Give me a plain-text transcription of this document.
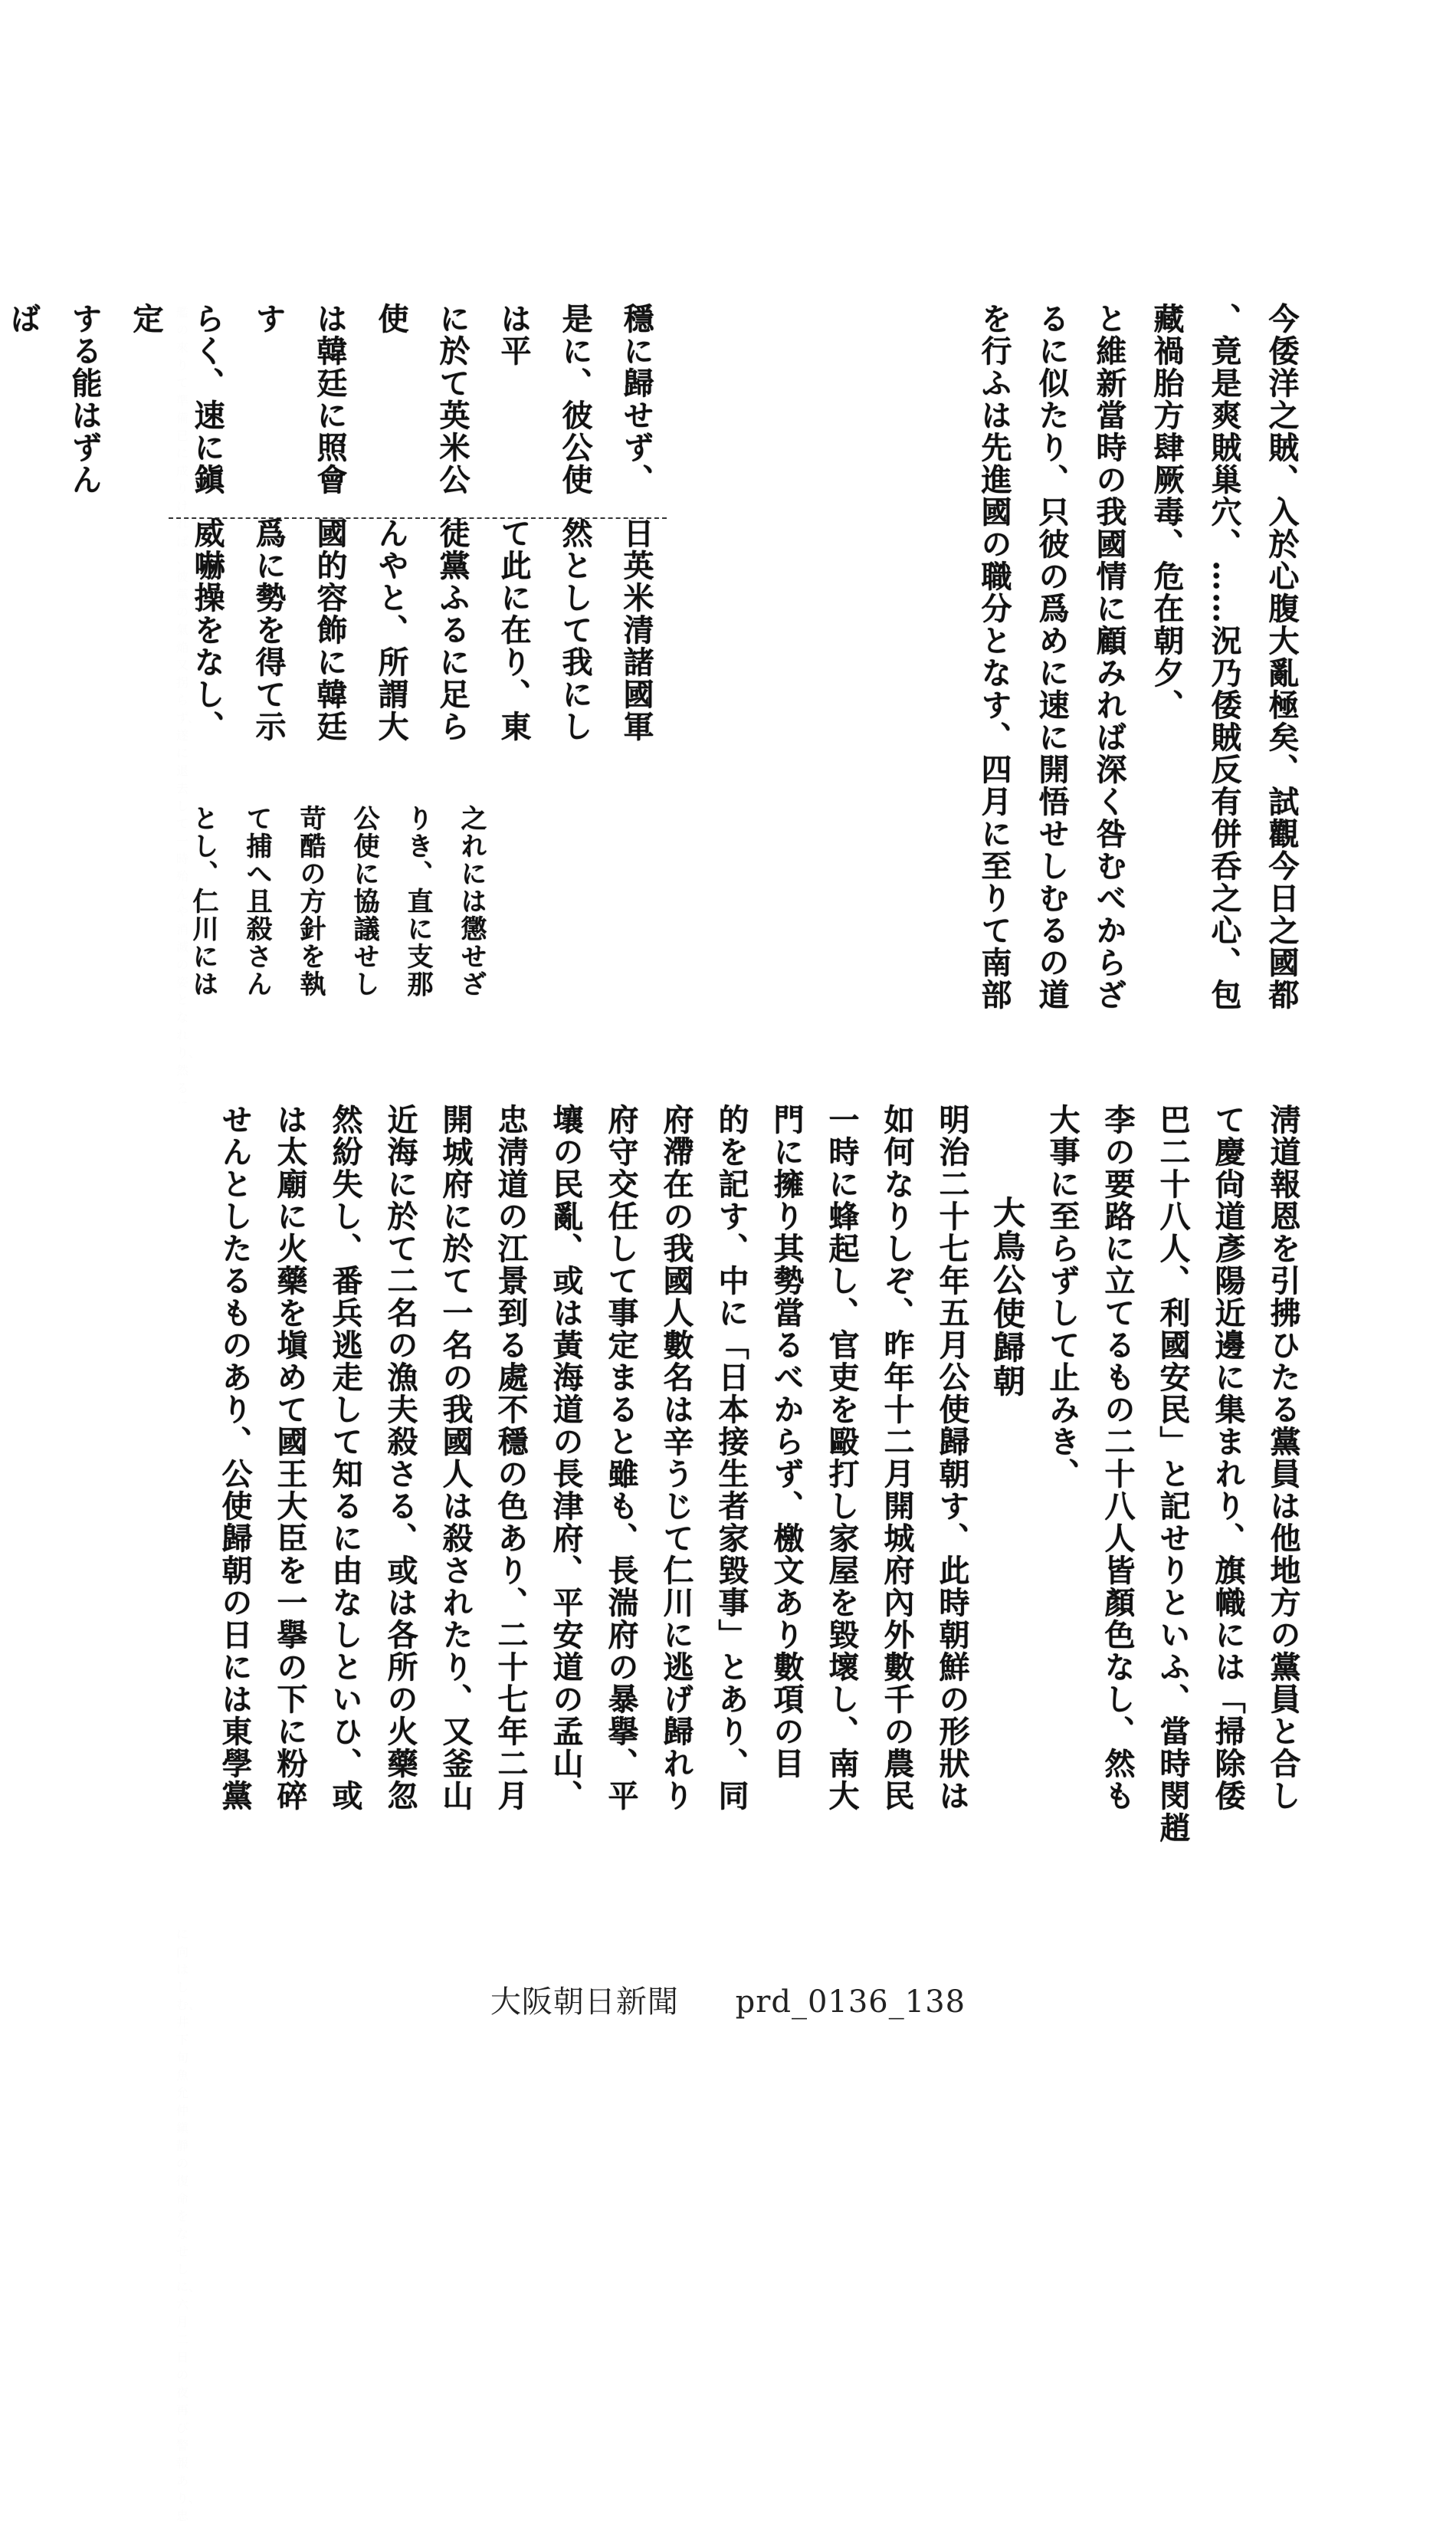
今倭洋之賊、入於心腹大亂極矣、試觀今日之國都

、竟是爽賊巢穴、……況乃倭賊反有併呑之心、包

藏禍胎方肆厥毒、危在朝夕、

と維新當時の我國情に顧みれば深く咎むべからざ

るに似たり、只彼の爲めに速に開悟せしむるの道

を行ふは先進國の職分となす、四月に至りて南部

穩に歸せず、是に、彼公使は平

に於て英米公使

は韓廷に照會す

らく、速に鎭定

する能はずんば

日英米清諸國軍

然として我にし

て此に在り、東

徒黨ふるに足ら

んやと、所謂大

國的容飾に韓廷

爲に勢を得て示

威嚇操をなし、

之れには懲せざ

りき、直に支那

公使に協議せし

苛酷の方針を執

て捕へ且殺さん

とし、仁川には

淸道報恩を引拂ひたる黨員は他地方の黨員と合し

て慶尙道彥陽近邊に集まれり、旗幟には「掃除倭

巴二十八人、利國安民」と記せりといふ、當時閔趙

李の要路に立てるもの二十八人皆顏色なし、然も

大事に至らずして止みき、

大鳥公使歸朝

明治二十七年五月公使歸朝す、此時朝鮮の形狀は

如何なりしぞ、昨年十二月開城府內外數千の農民

一時に蜂起し、官吏を毆打し家屋を毀壞し、南大

門に擁り其勢當るべからず、檄文あり數項の目

的を記す、中に「日本接生者家毀事」とあり、同

府滯在の我國人數名は辛うじて仁川に逃げ歸れり

府守交任して事定まると雖も、長湍府の暴擧、平

壤の民亂、或は黃海道の長津府、平安道の孟山、

忠淸道の江景到る處不穩の色あり、二十七年二月

開城府に於て一名の我國人は殺されたり、又釜山

近海に於て二名の漁夫殺さる、或は各所の火藥忽

然紛失し、番兵逃走して知るに由なしといひ、或

は太廟に火藥を塡めて國王大臣を一擧の下に粉碎

せんとしたるものあり、公使歸朝の日には東學黨

大阪朝日新聞 prd_0136_138
